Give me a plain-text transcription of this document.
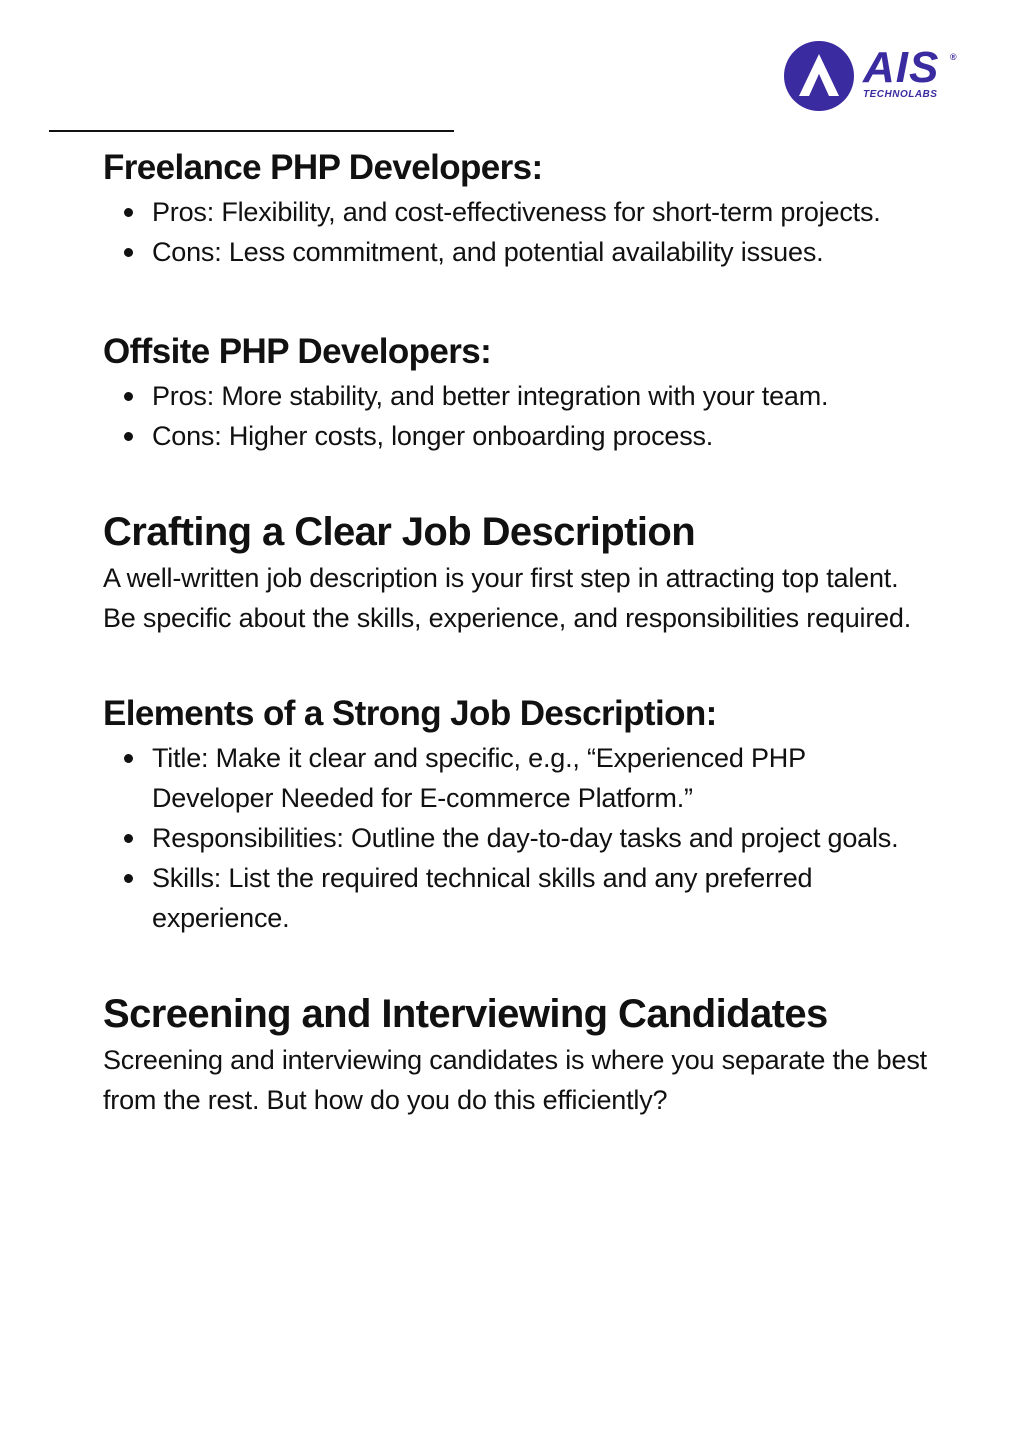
AIS ®
TECHNOLABS
Freelance PHP Developers:
Pros: Flexibility, and cost-effectiveness for short-term projects.
Cons: Less commitment, and potential availability issues.
Offsite PHP Developers:
Pros: More stability, and better integration with your team.
Cons: Higher costs, longer onboarding process.
Crafting a Clear Job Description

A well-written job description is your first step in attracting top talent. Be specific about the skills, experience, and responsibilities required.

Elements of a Strong Job Description:
Title: Make it clear and specific, e.g., “Experienced PHP Developer Needed for E-commerce Platform.”
Responsibilities: Outline the day-to-day tasks and project goals.
Skills: List the required technical skills and any preferred experience.
Screening and Interviewing Candidates

Screening and interviewing candidates is where you separate the best from the rest. But how do you do this efficiently?
